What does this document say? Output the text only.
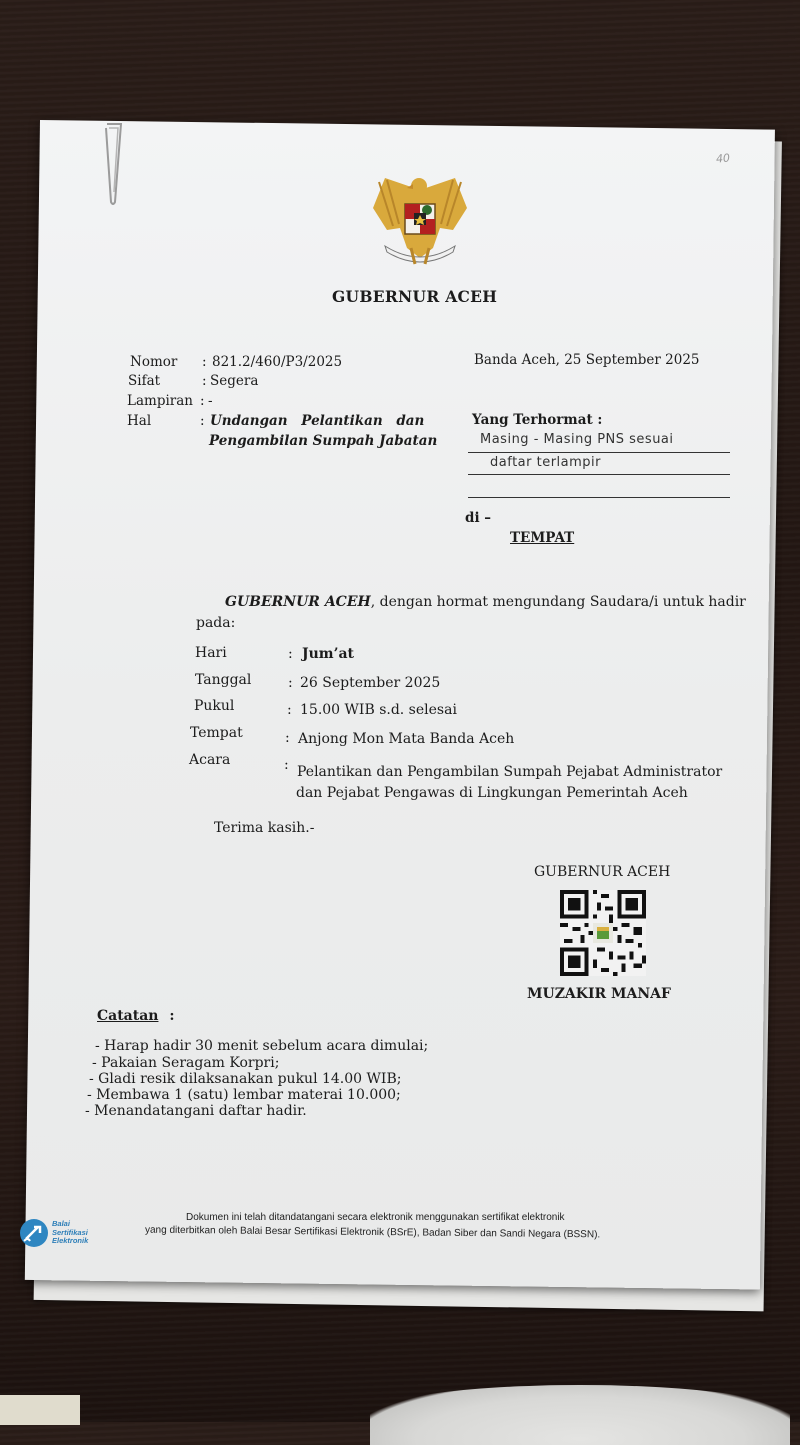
40
GUBERNUR ACEH
Nomor : 821.2/460/P3/2025
Sifat	: Segera
Lampiran : -
Hal	: Undangan Pelantikan dan
Pengambilan Sumpah Jabatan
Banda Aceh, 25 September 2025
Yang Terhormat :
Masing - Masing PNS sesuai
daftar terlampir
di –
TEMPAT
GUBERNUR ACEH, dengan hormat mengundang Saudara/i untuk hadir
pada:
Hari	: Jum’at
Tanggal	: 26 September 2025
Pukul	: 15.00 WIB s.d. selesai
Tempat	: Anjong Mon Mata Banda Aceh
Acara	: Pelantikan dan Pengambilan Sumpah Pejabat Administrator
dan Pejabat Pengawas di Lingkungan Pemerintah Aceh
Terima kasih.-
GUBERNUR ACEH
MUZAKIR MANAF
Catatan :
- Harap hadir 30 menit sebelum acara dimulai;
- Pakaian Seragam Korpri;
- Gladi resik dilaksanakan pukul 14.00 WIB;
- Membawa 1 (satu) lembar materai 10.000;
- Menandatangani daftar hadir.
Balai
Sertifikasi
Elektronik
Dokumen ini telah ditandatangani secara elektronik menggunakan sertifikat elektronik
yang diterbitkan oleh Balai Besar Sertifikasi Elektronik (BSrE), Badan Siber dan Sandi Negara (BSSN).
